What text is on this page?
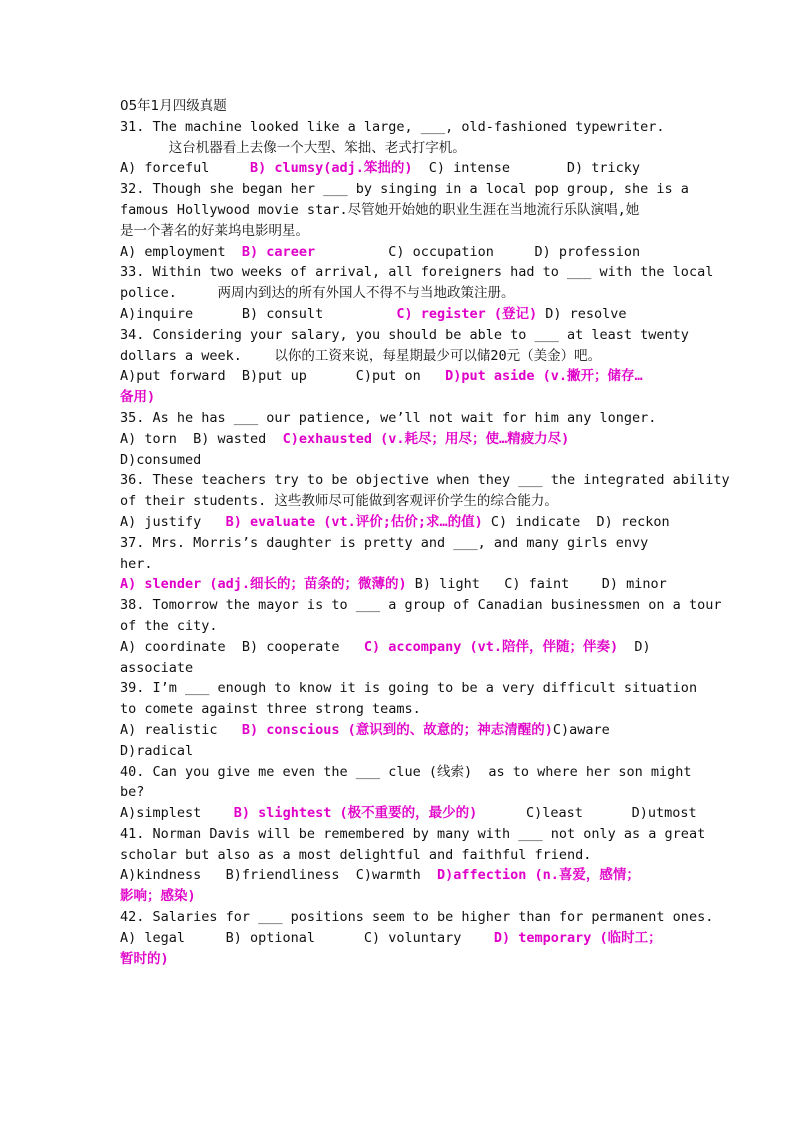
05年1月四级真题
31. The machine looked like a large, ___, old-fashioned typewriter.
这台机器看上去像一个大型、笨拙、老式打字机。
A) forceful     B) clumsy(adj.笨拙的)  C) intense       D) tricky
32. Though she began her ___ by singing in a local pop group, she is a
famous Hollywood movie star.尽管她开始她的职业生涯在当地流行乐队演唱,她
是一个著名的好莱坞电影明星。
A) employment  B) career         C) occupation     D) profession
33. Within two weeks of arrival, all foreigners had to ___ with the local
police.     两周内到达的所有外国人不得不与当地政策注册。
A)inquire      B) consult         C) register (登记) D) resolve
34. Considering your salary, you should be able to ___ at least twenty
dollars a week.    以你的工资来说，每星期最少可以储20元（美金）吧。
A)put forward  B)put up      C)put on   D)put aside (v.撇开；储存…
备用)
35. As he has ___ our patience, we’ll not wait for him any longer.
A) torn  B) wasted  C)exhausted (v.耗尽；用尽；使…精疲力尽)
D)consumed
36. These teachers try to be objective when they ___ the integrated ability
of their students. 这些教师尽可能做到客观评价学生的综合能力。
A) justify   B) evaluate (vt.评价;估价;求…的值) C) indicate  D) reckon
37. Mrs. Morris’s daughter is pretty and ___, and many girls envy
her.
A) slender (adj.细长的；苗条的；微薄的) B) light   C) faint    D) minor
38. Tomorrow the mayor is to ___ a group of Canadian businessmen on a tour
of the city.
A) coordinate  B) cooperate   C) accompany (vt.陪伴，伴随；伴奏)  D)
associate
39. I’m ___ enough to know it is going to be a very difficult situation
to comete against three strong teams.
A) realistic   B) conscious (意识到的、故意的；神志清醒的)C)aware
D)radical
40. Can you give me even the ___ clue (线索)  as to where her son might
be?
A)simplest    B) slightest (极不重要的，最少的)      C)least      D)utmost
41. Norman Davis will be remembered by many with ___ not only as a great
scholar but also as a most delightful and faithful friend.
A)kindness   B)friendliness  C)warmth  D)affection (n.喜爱，感情；
影响；感染)
42. Salaries for ___ positions seem to be higher than for permanent ones.
A) legal     B) optional      C) voluntary    D) temporary (临时工；
暂时的)
